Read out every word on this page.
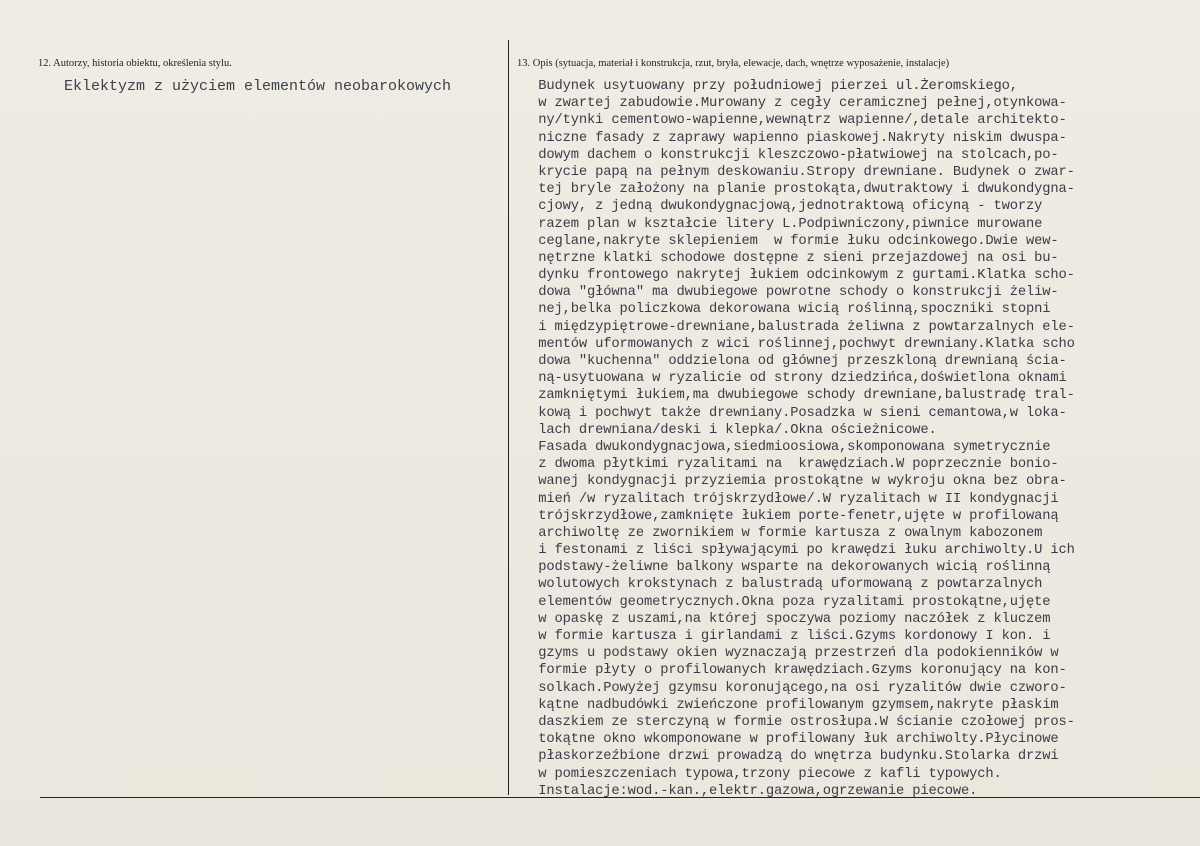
12. Autorzy, historia obiektu, określenia stylu.	13. Opis (sytuacja, materiał i konstrukcja, rzut, bryła, elewacje, dach, wnętrze wyposażenie, instalacje)
Eklektyzm z użyciem elementów neobarokowych	Budynek usytuowany przy południowej pierzei ul.Żeromskiego,
w zwartej zabudowie.Murowany z cegły ceramicznej pełnej,otynkowa-
ny/tynki cementowo-wapienne,wewnątrz wapienne/,detale architekto-
niczne fasady z zaprawy wapienno piaskowej.Nakryty niskim dwuspa-
dowym dachem o konstrukcji kleszczowo-płatwiowej na stolcach,po-
krycie papą na pełnym deskowaniu.Stropy drewniane. Budynek o zwar-
tej bryle założony na planie prostokąta,dwutraktowy i dwukondygna-
cjowy, z jedną dwukondygnacjową,jednotraktową oficyną - tworzy
razem plan w kształcie litery L.Podpiwniczony,piwnice murowane
ceglane,nakryte sklepieniem  w formie łuku odcinkowego.Dwie wew-
nętrzne klatki schodowe dostępne z sieni przejazdowej na osi bu-
dynku frontowego nakrytej łukiem odcinkowym z gurtami.Klatka scho-
dowa "główna" ma dwubiegowe powrotne schody o konstrukcji żeliw-
nej,belka policzkowa dekorowana wicią roślinną,spoczniki stopni
i międzypiętrowe-drewniane,balustrada żeliwna z powtarzalnych ele-
mentów uformowanych z wici roślinnej,pochwyt drewniany.Klatka scho
dowa "kuchenna" oddzielona od głównej przeszkloną drewnianą ścia-
ną-usytuowana w ryzalicie od strony dziedzińca,doświetlona oknami
zamkniętymi łukiem,ma dwubiegowe schody drewniane,balustradę tral-
kową i pochwyt także drewniany.Posadzka w sieni cemantowa,w loka-
lach drewniana/deski i klepka/.Okna ościeżnicowe.
Fasada dwukondygnacjowa,siedmioosiowa,skomponowana symetrycznie
z dwoma płytkimi ryzalitami na  krawędziach.W poprzecznie bonio-
wanej kondygnacji przyziemia prostokątne w wykroju okna bez obra-
mień /w ryzalitach trójskrzydłowe/.W ryzalitach w II kondygnacji
trójskrzydłowe,zamknięte łukiem porte-fenetr,ujęte w profilowaną
archiwoltę ze zwornikiem w formie kartusza z owalnym kabozonem
i festonami z liści spływającymi po krawędzi łuku archiwolty.U ich
podstawy-żeliwne balkony wsparte na dekorowanych wicią roślinną
wolutowych krokstynach z balustradą uformowaną z powtarzalnych
elementów geometrycznych.Okna poza ryzalitami prostokątne,ujęte
w opaskę z uszami,na której spoczywa poziomy naczółek z kluczem
w formie kartusza i girlandami z liści.Gzyms kordonowy I kon. i
gzyms u podstawy okien wyznaczają przestrzeń dla podokienników w
formie płyty o profilowanych krawędziach.Gzyms koronujący na kon-
solkach.Powyżej gzymsu koronującego,na osi ryzalitów dwie czworo-
kątne nadbudówki zwieńczone profilowanym gzymsem,nakryte płaskim
daszkiem ze sterczyną w formie ostrosłupa.W ścianie czołowej pros-
tokątne okno wkomponowane w profilowany łuk archiwolty.Płycinowe
płaskorzeźbione drzwi prowadzą do wnętrza budynku.Stolarka drzwi
w pomieszczeniach typowa,trzony piecowe z kafli typowych.
Instalacje:wod.-kan.,elektr.gazowa,ogrzewanie piecowe.
